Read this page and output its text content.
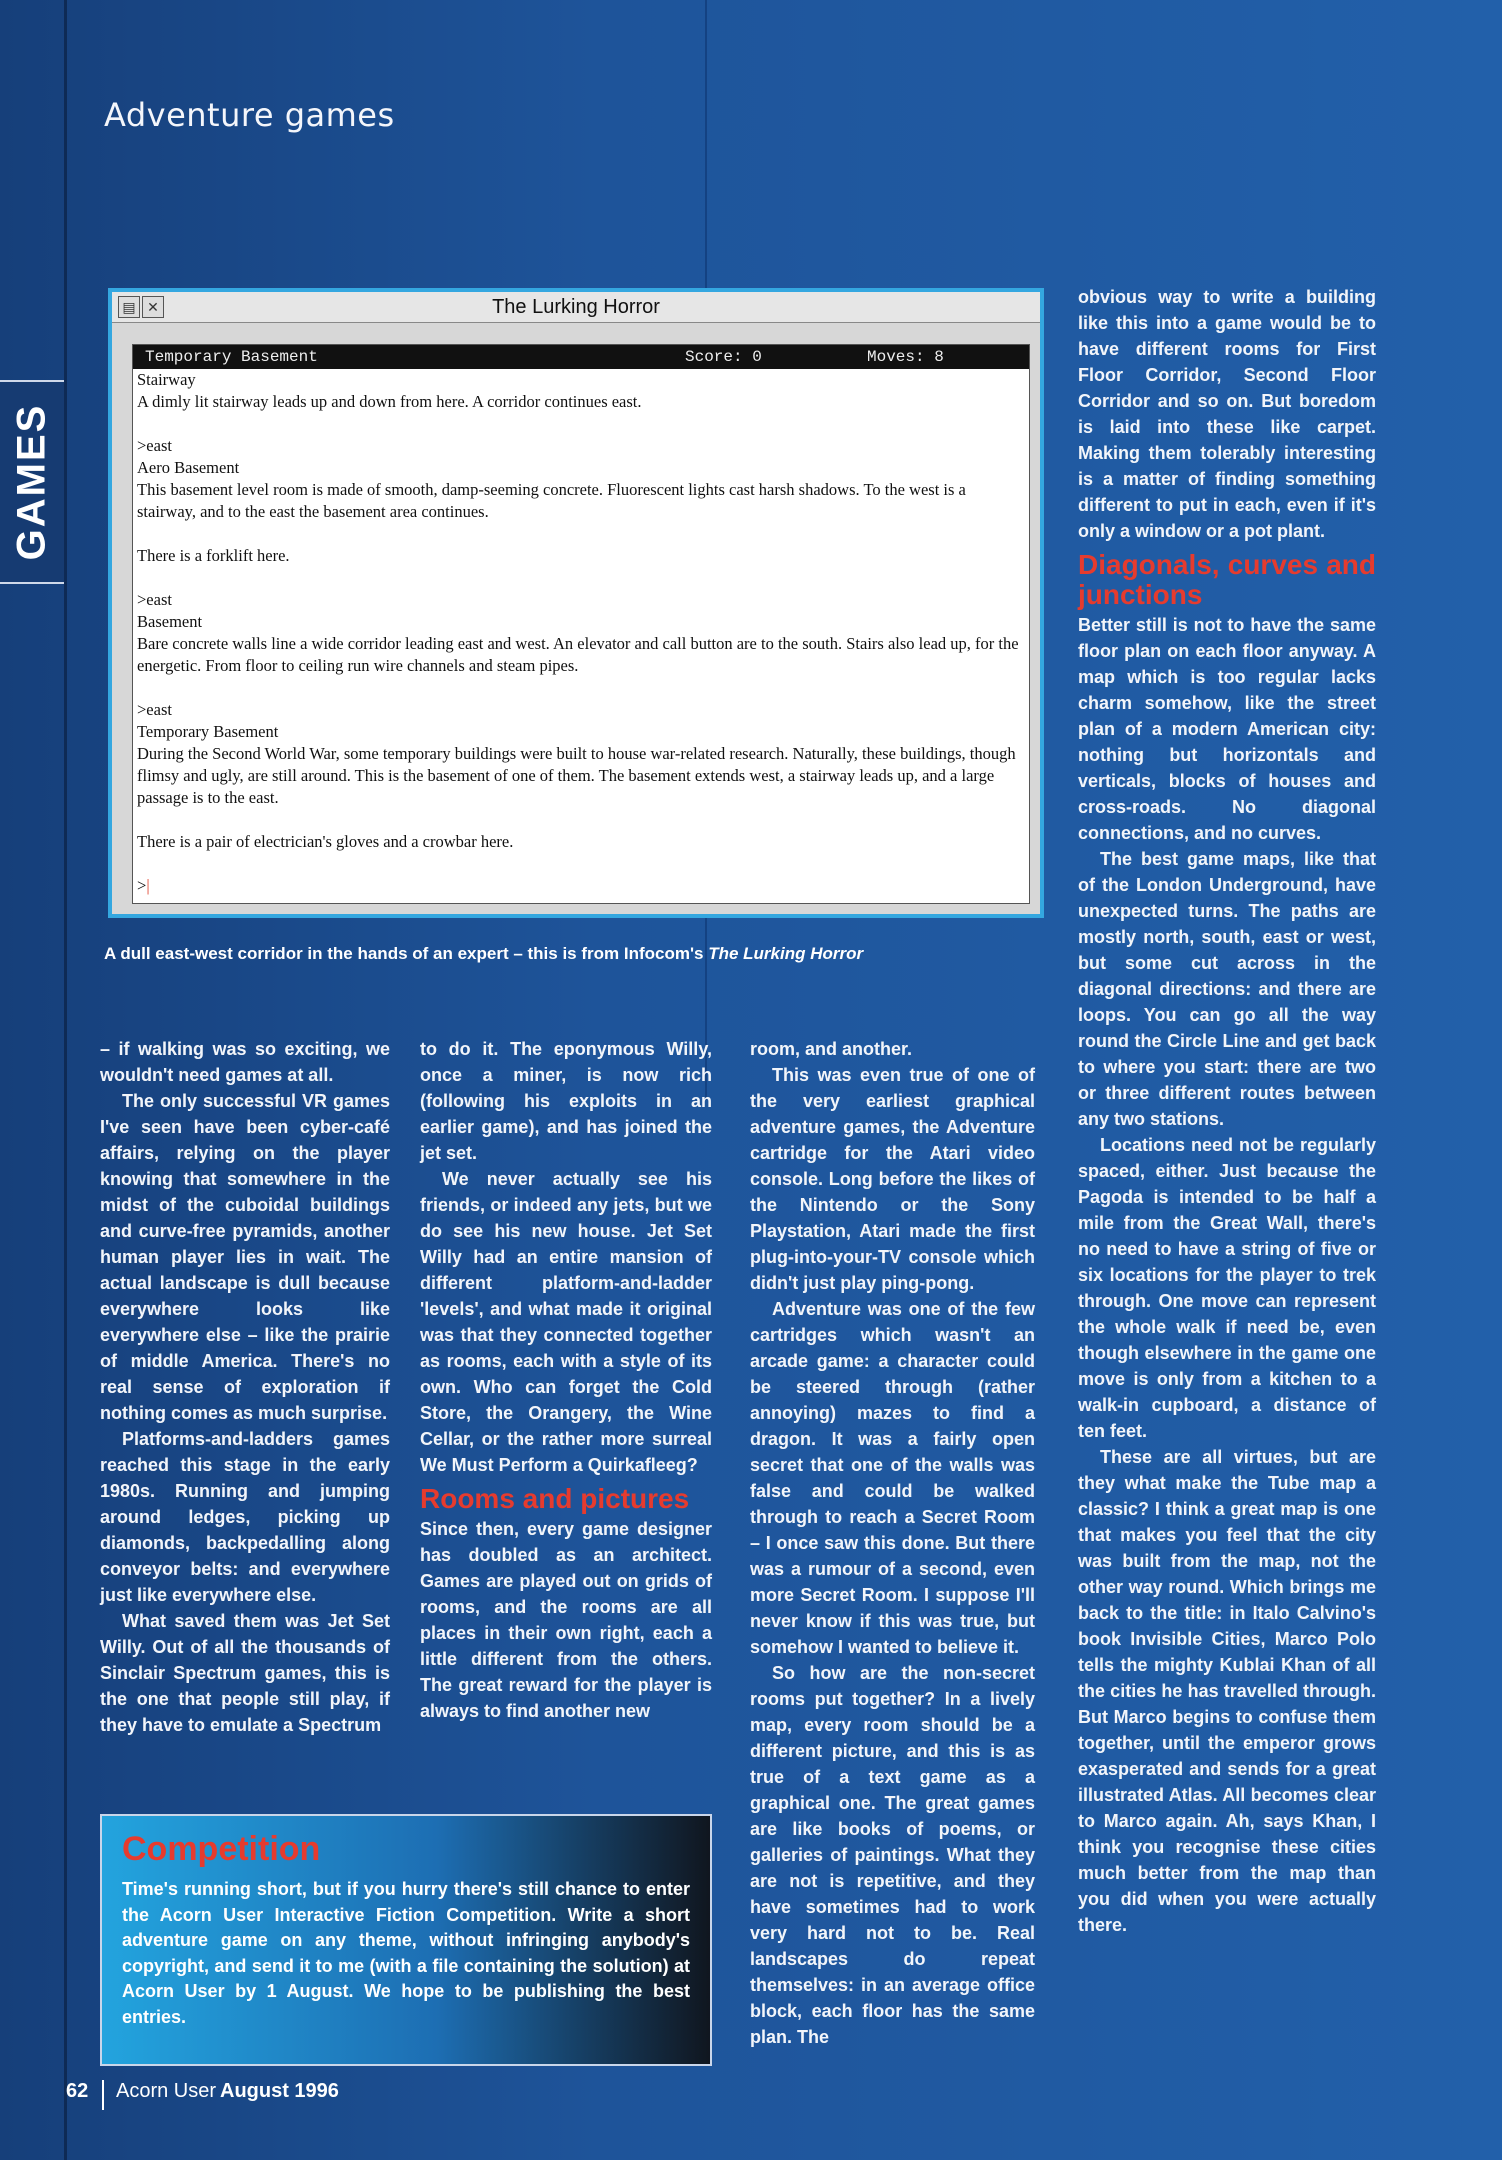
Adventure games
GAMES
▤ ✕	The Lurking Horror
Temporary Basement	Score: 0	Moves: 8

Stairway

A dimly lit stairway leads up and down from here. A corridor continues east.

>east

Aero Basement

This basement level room is made of smooth, damp-seeming concrete. Fluorescent lights cast harsh shadows. To the west is a stairway, and to the east the basement area continues.

There is a forklift here.

>east

Basement

Bare concrete walls line a wide corridor leading east and west. An elevator and call button are to the south. Stairs also lead up, for the energetic. From floor to ceiling run wire channels and steam pipes.

>east

Temporary Basement

During the Second World War, some temporary buildings were built to house war-related research. Naturally, these buildings, though flimsy and ugly, are still around. This is the basement of one of them. The basement extends west, a stairway leads up, and a large passage is to the east.

There is a pair of electrician's gloves and a crowbar here.

>|

A dull east-west corridor in the hands of an expert – this is from Infocom's The Lurking Horror

– if walking was so exciting, we wouldn't need games at all.

The only successful VR games I've seen have been cyber-café affairs, relying on the player knowing that somewhere in the midst of the cuboidal buildings and curve-free pyramids, another human player lies in wait. The actual landscape is dull because everywhere looks like everywhere else – like the prairie of middle America. There's no real sense of exploration if nothing comes as much surprise.

Platforms-and-ladders games reached this stage in the early 1980s. Running and jumping around ledges, picking up diamonds, backpedalling along conveyor belts: and everywhere just like everywhere else.

What saved them was Jet Set Willy. Out of all the thousands of Sinclair Spectrum games, this is the one that people still play, if they have to emulate a Spectrum

to do it. The eponymous Willy, once a miner, is now rich (following his exploits in an earlier game), and has joined the jet set.

We never actually see his friends, or indeed any jets, but we do see his new house. Jet Set Willy had an entire mansion of different platform-and-ladder 'levels', and what made it original was that they connected together as rooms, each with a style of its own. Who can forget the Cold Store, the Orangery, the Wine Cellar, or the rather more surreal We Must Perform a Quirkafleeg?

Rooms and pictures

Since then, every game designer has doubled as an architect. Games are played out on grids of rooms, and the rooms are all places in their own right, each a little different from the others. The great reward for the player is always to find another new

room, and another.

This was even true of one of the very earliest graphical adventure games, the Adventure cartridge for the Atari video console. Long before the likes of the Nintendo or the Sony Playstation, Atari made the first plug-into-your-TV console which didn't just play ping-pong.

Adventure was one of the few cartridges which wasn't an arcade game: a character could be steered through (rather annoying) mazes to find a dragon. It was a fairly open secret that one of the walls was false and could be walked through to reach a Secret Room – I once saw this done. But there was a rumour of a second, even more Secret Room. I suppose I'll never know if this was true, but somehow I wanted to believe it.

So how are the non-secret rooms put together? In a lively map, every room should be a different picture, and this is as true of a text game as a graphical one. The great games are like books of poems, or galleries of paintings. What they are not is repetitive, and they have sometimes had to work very hard not to be. Real landscapes do repeat themselves: in an average office block, each floor has the same plan. The

obvious way to write a building like this into a game would be to have different rooms for First Floor Corridor, Second Floor Corridor and so on. But boredom is laid into these like carpet. Making them tolerably interesting is a matter of finding something different to put in each, even if it's only a window or a pot plant.

Diagonals, curves and junctions

Better still is not to have the same floor plan on each floor anyway. A map which is too regular lacks charm somehow, like the street plan of a modern American city: nothing but horizontals and verticals, blocks of houses and cross-roads. No diagonal connections, and no curves.

The best game maps, like that of the London Underground, have unexpected turns. The paths are mostly north, south, east or west, but some cut across in the diagonal directions: and there are loops. You can go all the way round the Circle Line and get back to where you start: there are two or three different routes between any two stations.

Locations need not be regularly spaced, either. Just because the Pagoda is intended to be half a mile from the Great Wall, there's no need to have a string of five or six locations for the player to trek through. One move can represent the whole walk if need be, even though elsewhere in the game one move is only from a kitchen to a walk-in cupboard, a distance of ten feet.

These are all virtues, but are they what make the Tube map a classic? I think a great map is one that makes you feel that the city was built from the map, not the other way round. Which brings me back to the title: in Italo Calvino's book Invisible Cities, Marco Polo tells the mighty Kublai Khan of all the cities he has travelled through. But Marco begins to confuse them together, until the emperor grows exasperated and sends for a great illustrated Atlas. All becomes clear to Marco again. Ah, says Khan, I think you recognise these cities much better from the map than you did when you were actually there.

Competition

Time's running short, but if you hurry there's still chance to enter the Acorn User Interactive Fiction Competition. Write a short adventure game on any theme, without infringing anybody's copyright, and send it to me (with a file containing the solution) at Acorn User by 1 August. We hope to be publishing the best entries.

62 Acorn User August 1996
